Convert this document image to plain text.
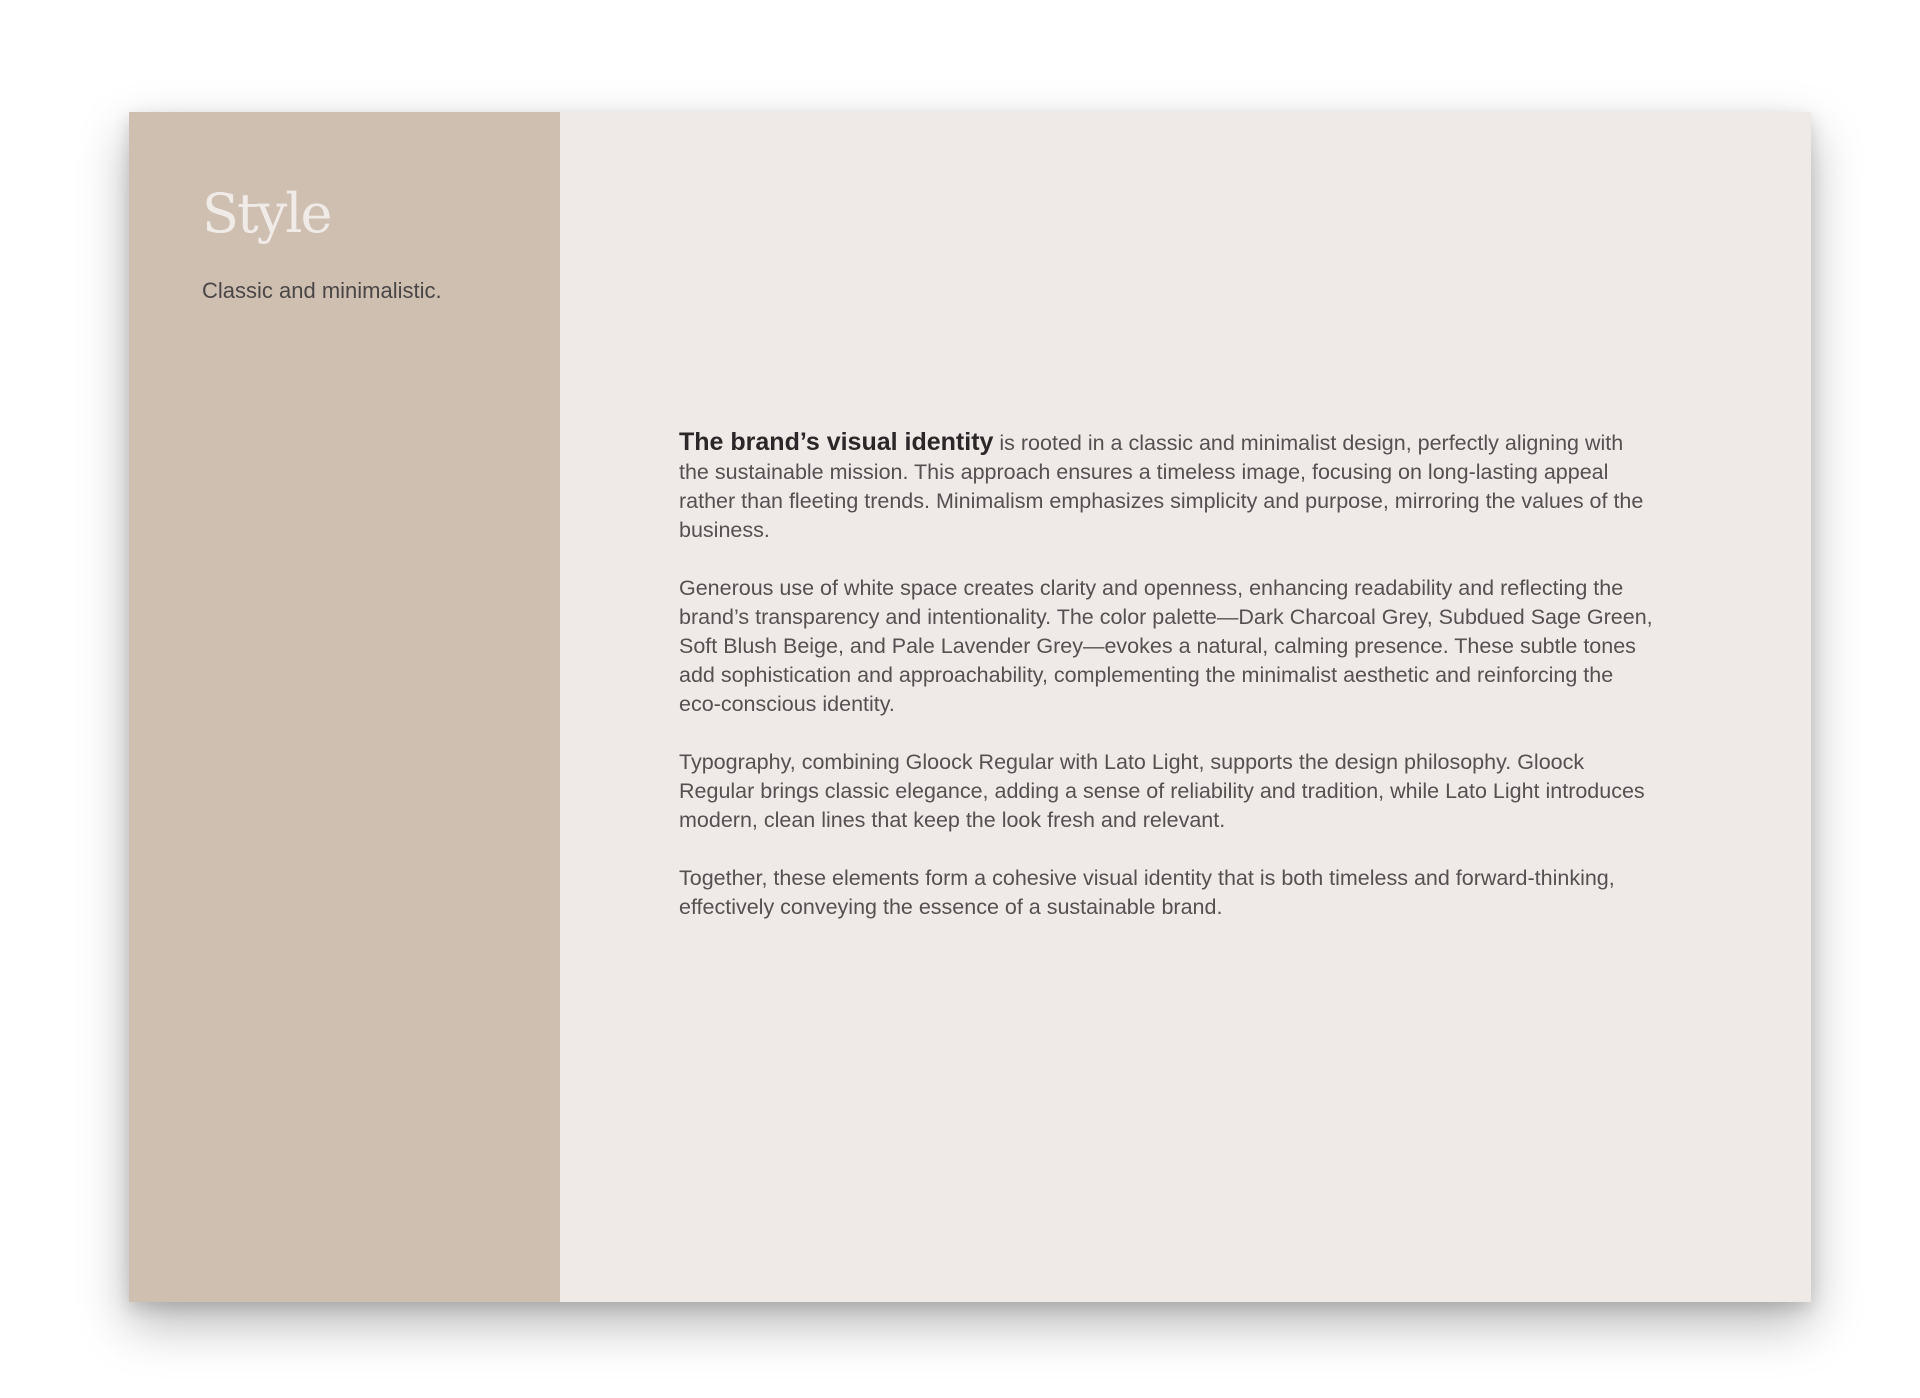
Style

Classic and minimalistic.

The brand’s visual identity is rooted in a classic and minimalist design, perfectly aligning with the sustainable mission. This approach ensures a timeless image, focusing on long-lasting appeal rather than fleeting trends. Minimalism emphasizes simplicity and purpose, mirroring the values of the business.

Generous use of white space creates clarity and openness, enhancing readability and reflecting the brand’s transparency and intentionality. The color palette—Dark Charcoal Grey, Subdued Sage Green, Soft Blush Beige, and Pale Lavender Grey—evokes a natural, calming presence. These subtle tones add sophistication and approachability, complementing the minimalist aesthetic and reinforcing the eco-conscious identity.

Typography, combining Gloock Regular with Lato Light, supports the design philosophy. Gloock Regular brings classic elegance, adding a sense of reliability and tradition, while Lato Light introduces modern, clean lines that keep the look fresh and relevant.

Together, these elements form a cohesive visual identity that is both timeless and forward-thinking, effectively conveying the essence of a sustainable brand.
